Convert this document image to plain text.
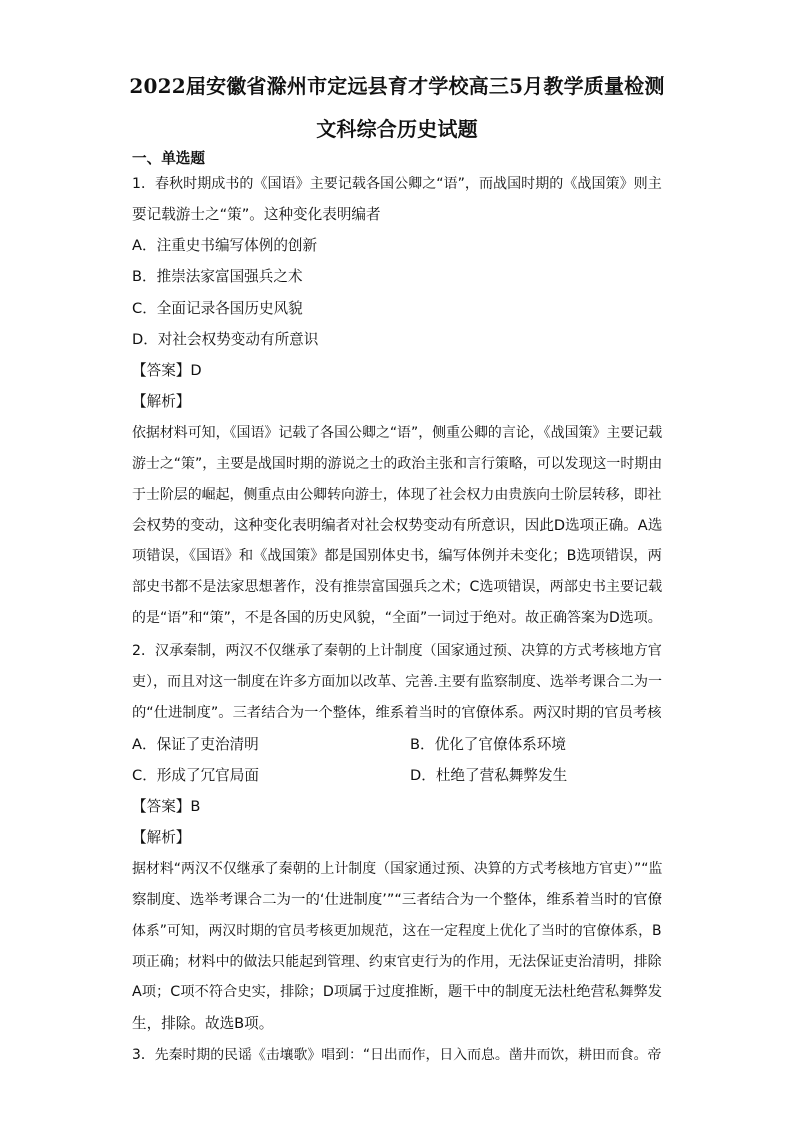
2022届安徽省滁州市定远县育才学校高三5月教学质量检测
文科综合历史试题
一、单选题
1．春秋时期成书的《国语》主要记载各国公卿之“语”，而战国时期的《战国策》则主
要记载游士之“策”。这种变化表明编者
A．注重史书编写体例的创新
B．推崇法家富国强兵之术
C．全面记录各国历史风貌
D．对社会权势变动有所意识
【答案】D
【解析】
依据材料可知，《国语》记载了各国公卿之“语”，侧重公卿的言论，《战国策》主要记载
游士之“策”，主要是战国时期的游说之士的政治主张和言行策略，可以发现这一时期由
于士阶层的崛起，侧重点由公卿转向游士，体现了社会权力由贵族向士阶层转移，即社
会权势的变动，这种变化表明编者对社会权势变动有所意识，因此D选项正确。A选
项错误，《国语》和《战国策》都是国别体史书，编写体例并未变化；B选项错误，两
部史书都不是法家思想著作，没有推崇富国强兵之术；C选项错误，两部史书主要记载
的是“语”和“策”，不是各国的历史风貌，“全面”一词过于绝对。故正确答案为D选项。
2．汉承秦制，两汉不仅继承了秦朝的上计制度（国家通过预、决算的方式考核地方官
吏），而且对这一制度在许多方面加以改革、完善.主要有监察制度、选举考课合二为一
的“仕进制度”。三者结合为一个整体，维系着当时的官僚体系。两汉时期的官员考核
A．保证了吏治清明	B．优化了官僚体系环境
C．形成了冗官局面	D．杜绝了营私舞弊发生
【答案】B
【解析】
据材料“两汉不仅继承了秦朝的上计制度（国家通过预、决算的方式考核地方官吏）”“监
察制度、选举考课合二为一的‘仕进制度’”“三者结合为一个整体，维系着当时的官僚
体系”可知，两汉时期的官员考核更加规范，这在一定程度上优化了当时的官僚体系，B
项正确；材料中的做法只能起到管理、约束官吏行为的作用，无法保证吏治清明，排除
A项；C项不符合史实，排除；D项属于过度推断，题干中的制度无法杜绝营私舞弊发
生，排除。故选B项。
3．先秦时期的民谣《击壤歌》唱到：“日出而作，日入而息。凿井而饮，耕田而食。帝
